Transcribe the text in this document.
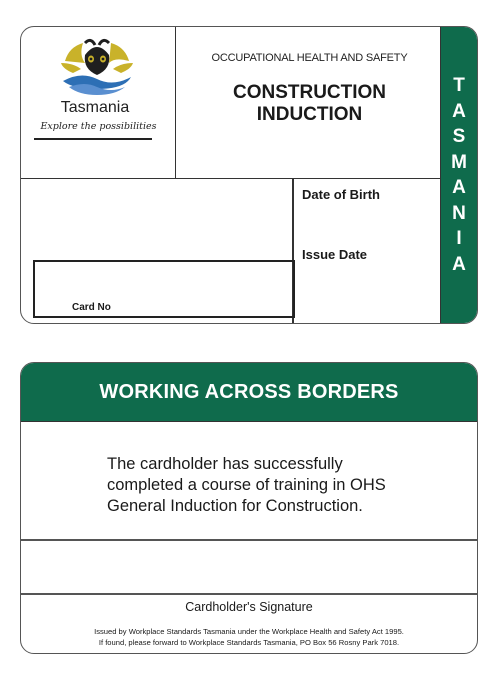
Tasmania
Explore the possibilities
OCCUPATIONAL HEALTH AND SAFETY
CONSTRUCTION
INDUCTION
Date of Birth
Issue Date
Card No
T
A
S
M
A
N
I
A
WORKING ACROSS BORDERS
The cardholder has successfully
completed a course of training in OHS
General Induction for Construction.
Cardholder's Signature
Issued by Workplace Standards Tasmania under the Workplace Health and Safety Act 1995.
If found, please forward to Workplace Standards Tasmania, PO Box 56 Rosny Park 7018.
